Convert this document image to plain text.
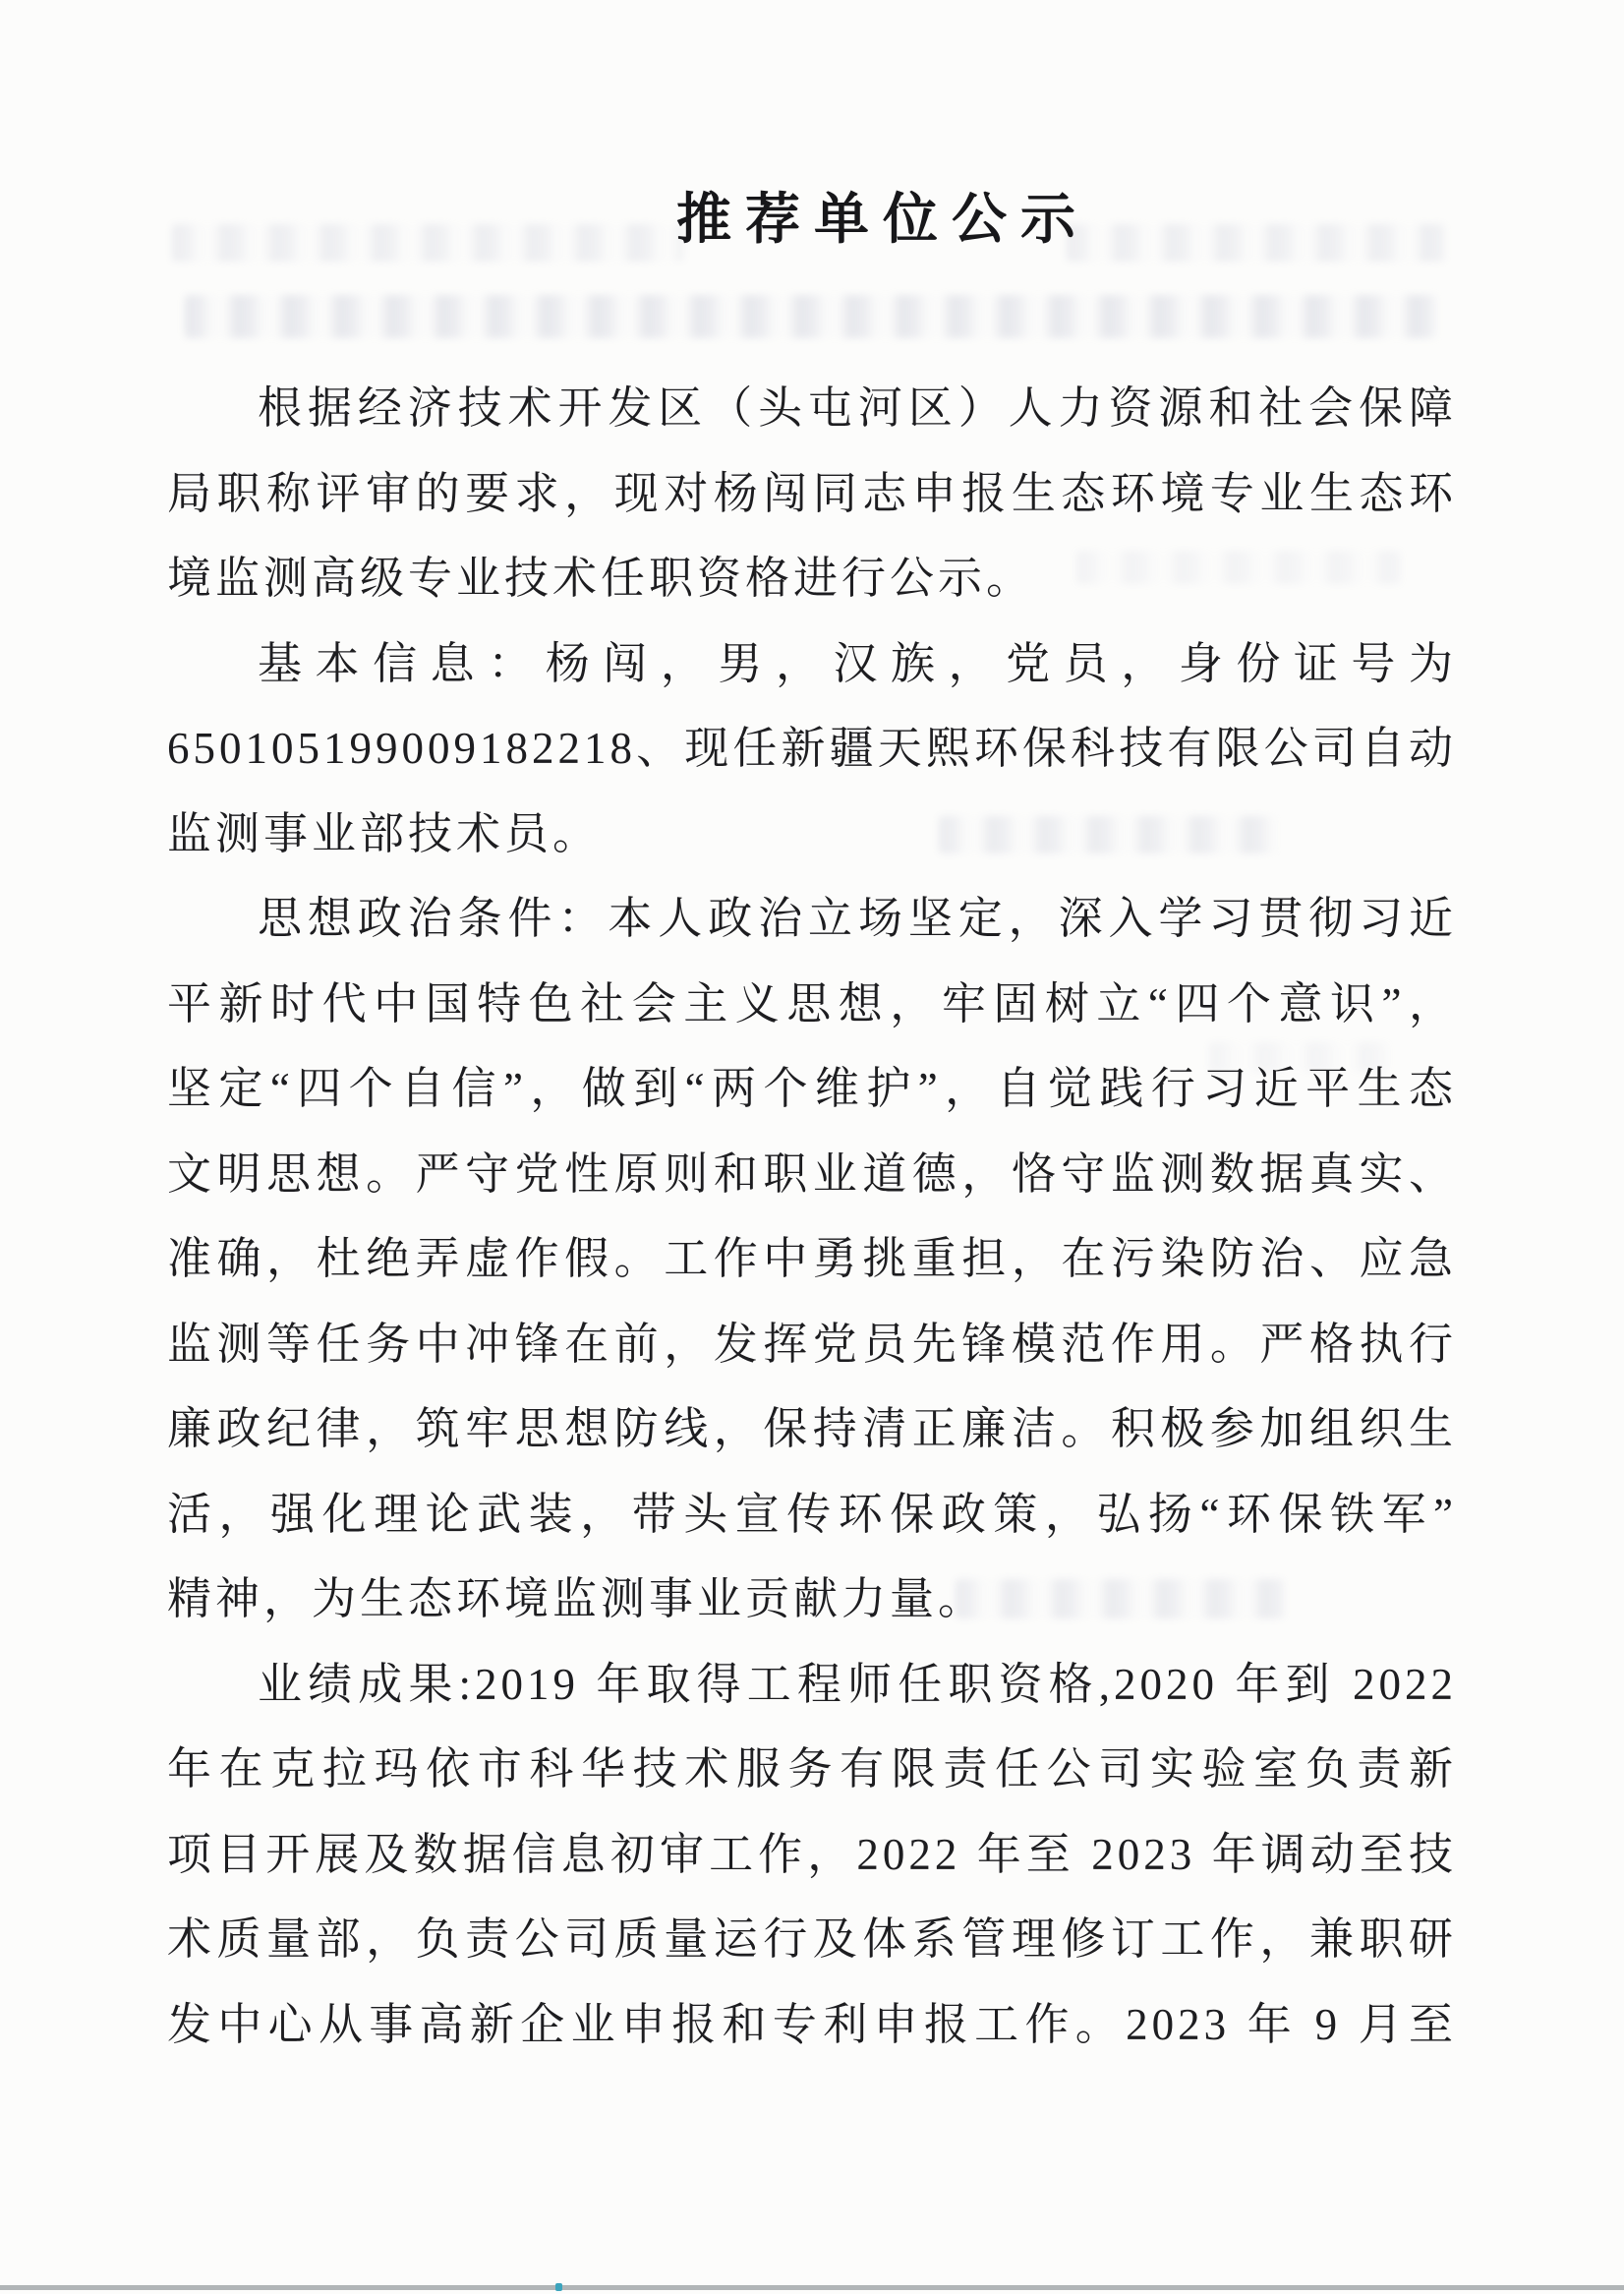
推荐单位公示
根据经济技术开发区（头屯河区）人力资源和社会保障
局职称评审的要求，现对杨闯同志申报生态环境专业生态环
境监测高级专业技术任职资格进行公示。
基本信息：杨闯，男，汉族，党员，身份证号为
650105199009182218、现任新疆天熙环保科技有限公司自动
监测事业部技术员。
思想政治条件：本人政治立场坚定，深入学习贯彻习近
平新时代中国特色社会主义思想，牢固树立“四个意识”，
坚定“四个自信”，做到“两个维护”，自觉践行习近平生态
文明思想。严守党性原则和职业道德，恪守监测数据真实、
准确，杜绝弄虚作假。工作中勇挑重担，在污染防治、应急
监测等任务中冲锋在前，发挥党员先锋模范作用。严格执行
廉政纪律，筑牢思想防线，保持清正廉洁。积极参加组织生
活，强化理论武装，带头宣传环保政策，弘扬“环保铁军”
精神，为生态环境监测事业贡献力量。
业绩成果:2019 年取得工程师任职资格,2020 年到 2022
年在克拉玛依市科华技术服务有限责任公司实验室负责新
项目开展及数据信息初审工作，2022 年至 2023 年调动至技
术质量部，负责公司质量运行及体系管理修订工作，兼职研
发中心从事高新企业申报和专利申报工作。2023 年 9 月至
